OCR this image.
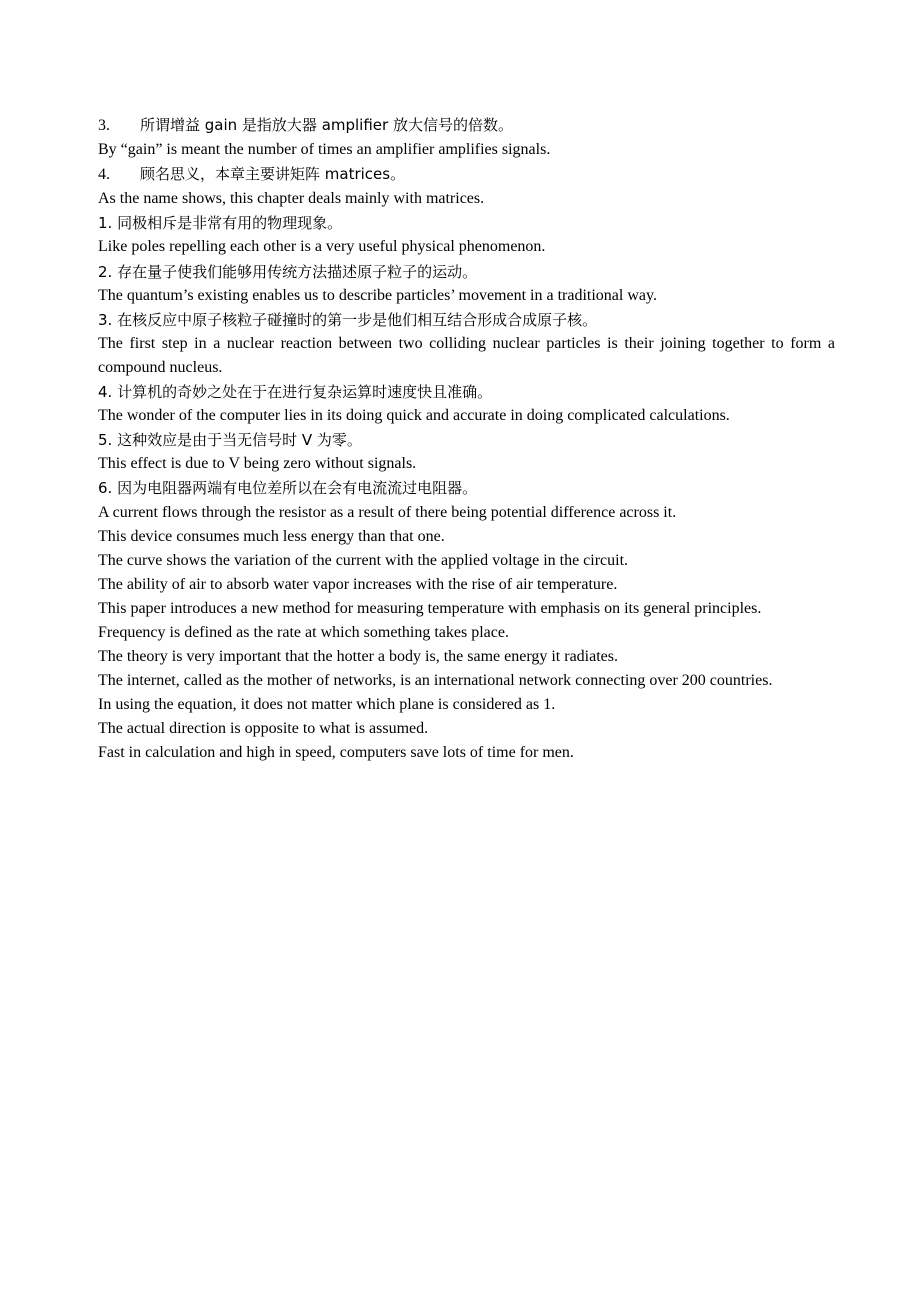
3. 所谓增益 gain 是指放大器 amplifier 放大信号的倍数。
By “gain” is meant the number of times an amplifier amplifies signals.
4. 顾名思义，本章主要讲矩阵 matrices。
As the name shows, this chapter deals mainly with matrices.
1. 同极相斥是非常有用的物理现象。
Like poles repelling each other is a very useful physical phenomenon.
2. 存在量子使我们能够用传统方法描述原子粒子的运动。
The quantum’s existing enables us to describe particles’ movement in a traditional way.
3. 在核反应中原子核粒子碰撞时的第一步是他们相互结合形成合成原子核。
The first step in a nuclear reaction between two colliding nuclear particles is their joining together to form a compound nucleus.
4. 计算机的奇妙之处在于在进行复杂运算时速度快且准确。
The wonder of the computer lies in its doing quick and accurate in doing complicated calculations.
5. 这种效应是由于当无信号时 V 为零。
This effect is due to V being zero without signals.
6. 因为电阻器两端有电位差所以在会有电流流过电阻器。
A current flows through the resistor as a result of there being potential difference across it.
This device consumes much less energy than that one.
The curve shows the variation of the current with the applied voltage in the circuit.
The ability of air to absorb water vapor increases with the rise of air temperature.
This paper introduces a new method for measuring temperature with emphasis on its general principles.
Frequency is defined as the rate at which something takes place.
The theory is very important that the hotter a body is, the same energy it radiates.
The internet, called as the mother of networks, is an international network connecting over 200 countries.
In using the equation, it does not matter which plane is considered as 1.
The actual direction is opposite to what is assumed.
Fast in calculation and high in speed, computers save lots of time for men.
